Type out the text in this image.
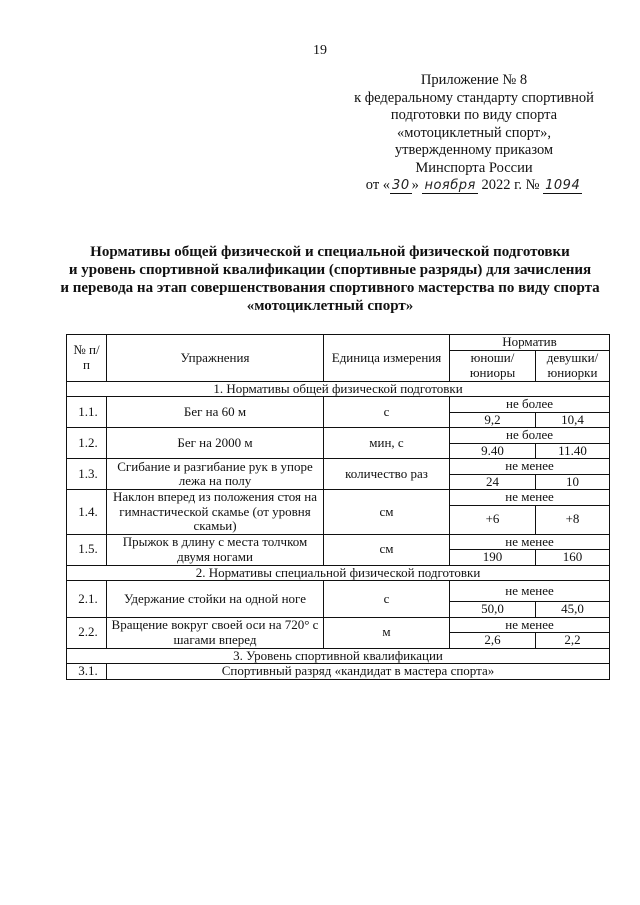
19
Приложение № 8
к федеральному стандарту спортивной
подготовки по виду спорта
«мотоциклетный спорт»,
утвержденному приказом
Минспорта России
от « 30 » ноября 2022 г. № 1094
Нормативы общей физической и специальной физической подготовки
и уровень спортивной квалификации (спортивные разряды) для зачисления
и перевода на этап совершенствования спортивного мастерства по виду спорта
«мотоциклетный спорт»
№ п/п	Упражнения	Единица измерения	Норматив	
			юноши/ юниоры	девушки/ юниорки
1. Нормативы общей физической подготовки				
1.1.	Бег на 60 м	с	не более	
			9,2	10,4
1.2.	Бег на 2000 м	мин, с	не более	
			9.40	11.40
1.3.	Сгибание и разгибание рук в упоре лежа на полу	количество раз	не менее	
			24	10
1.4.	Наклон вперед из положения стоя на гимнастической скамье (от уровня скамьи)	см	не менее	
			+6	+8
1.5.	Прыжок в длину с места толчком двумя ногами	см	не менее	
			190	160
2. Нормативы специальной физической подготовки				
2.1.	Удержание стойки на одной ноге	с	не менее	
			50,0	45,0
2.2.	Вращение вокруг своей оси на 720° с шагами вперед	м	не менее	
			2,6	2,2
3. Уровень спортивной квалификации				
3.1.	Спортивный разряд «кандидат в мастера спорта»			
